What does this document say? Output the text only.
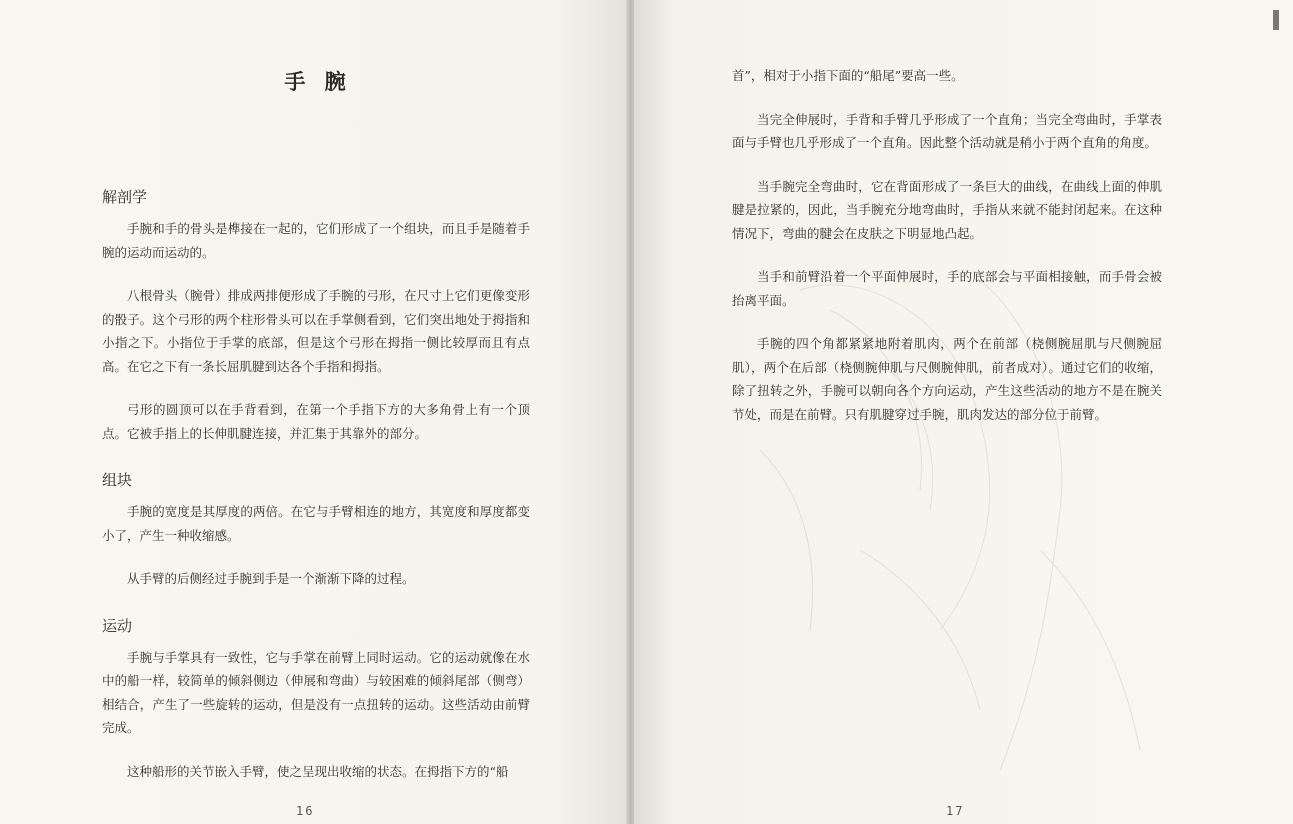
手 腕
解剖学

手腕和手的骨头是榫接在一起的，它们形成了一个组块，而且手是随着手腕的运动而运动的。

八根骨头（腕骨）排成两排便形成了手腕的弓形，在尺寸上它们更像变形的骰子。这个弓形的两个柱形骨头可以在手掌侧看到，它们突出地处于拇指和小指之下。小指位于手掌的底部，但是这个弓形在拇指一侧比较厚而且有点高。在它之下有一条长屈肌腱到达各个手指和拇指。

弓形的圆顶可以在手背看到，在第一个手指下方的大多角骨上有一个顶点。它被手指上的长伸肌腱连接，并汇集于其靠外的部分。

组块

手腕的宽度是其厚度的两倍。在它与手臂相连的地方，其宽度和厚度都变小了，产生一种收缩感。

从手臂的后侧经过手腕到手是一个渐渐下降的过程。

运动

手腕与手掌具有一致性，它与手掌在前臂上同时运动。它的运动就像在水中的船一样，较简单的倾斜侧边（伸展和弯曲）与较困难的倾斜尾部（侧弯）相结合，产生了一些旋转的运动，但是没有一点扭转的运动。这些活动由前臂完成。

这种船形的关节嵌入手臂，使之呈现出收缩的状态。在拇指下方的“船

16	17

首”，相对于小指下面的“船尾”要高一些。

当完全伸展时，手背和手臂几乎形成了一个直角；当完全弯曲时，手掌表面与手臂也几乎形成了一个直角。因此整个活动就是稍小于两个直角的角度。

当手腕完全弯曲时，它在背面形成了一条巨大的曲线，在曲线上面的伸肌腱是拉紧的，因此，当手腕充分地弯曲时，手指从来就不能封闭起来。在这种情况下，弯曲的腱会在皮肤之下明显地凸起。

当手和前臂沿着一个平面伸展时，手的底部会与平面相接触，而手骨会被抬离平面。

手腕的四个角都紧紧地附着肌肉，两个在前部（桡侧腕屈肌与尺侧腕屈肌），两个在后部（桡侧腕伸肌与尺侧腕伸肌，前者成对）。通过它们的收缩，除了扭转之外，手腕可以朝向各个方向运动，产生这些活动的地方不是在腕关节处，而是在前臂。只有肌腱穿过手腕，肌肉发达的部分位于前臂。
